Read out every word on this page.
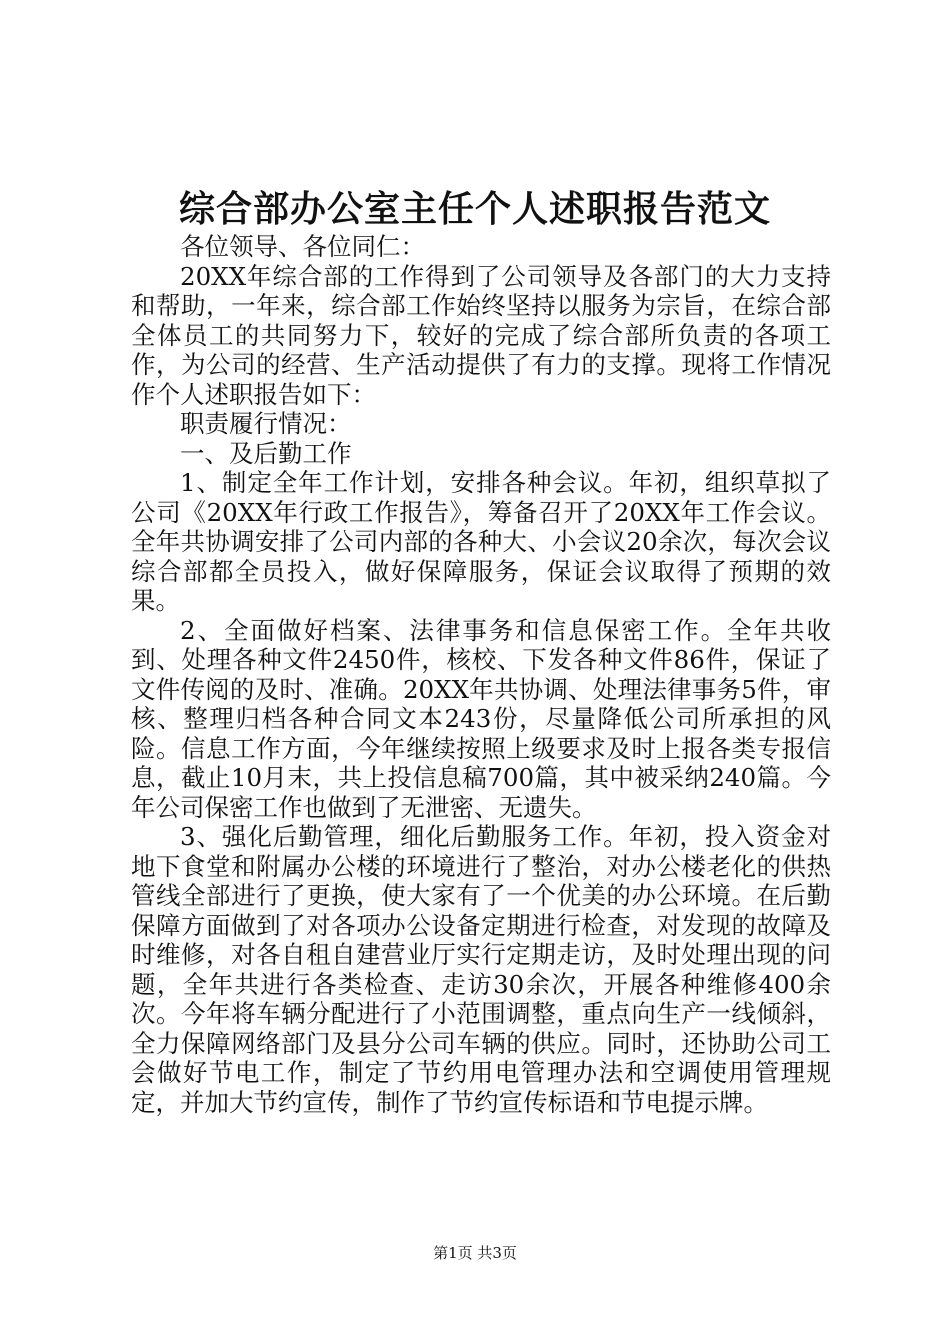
综合部办公室主任个人述职报告范文

各位领导、各位同仁：

20XX年综合部的工作得到了公司领导及各部门的大力支持和帮助，一年来，综合部工作始终坚持以服务为宗旨，在综合部全体员工的共同努力下，较好的完成了综合部所负责的各项工作，为公司的经营、生产活动提供了有力的支撑。现将工作情况作个人述职报告如下：

职责履行情况：

一、及后勤工作

1、制定全年工作计划，安排各种会议。年初，组织草拟了公司《20XX年行政工作报告》，筹备召开了20XX年工作会议。全年共协调安排了公司内部的各种大、小会议20余次，每次会议综合部都全员投入，做好保障服务，保证会议取得了预期的效果。

2、全面做好档案、法律事务和信息保密工作。全年共收到、处理各种文件2450件，核校、下发各种文件86件，保证了文件传阅的及时、准确。20XX年共协调、处理法律事务5件，审核、整理归档各种合同文本243份，尽量降低公司所承担的风险。信息工作方面，今年继续按照上级要求及时上报各类专报信息，截止10月末，共上投信息稿700篇，其中被采纳240篇。今年公司保密工作也做到了无泄密、无遗失。

3、强化后勤管理，细化后勤服务工作。年初，投入资金对地下食堂和附属办公楼的环境进行了整治，对办公楼老化的供热管线全部进行了更换，使大家有了一个优美的办公环境。在后勤保障方面做到了对各项办公设备定期进行检查，对发现的故障及时维修，对各自租自建营业厅实行定期走访，及时处理出现的问题，全年共进行各类检查、走访30余次，开展各种维修400余次。今年将车辆分配进行了小范围调整，重点向生产一线倾斜，全力保障网络部门及县分公司车辆的供应。同时，还协助公司工会做好节电工作，制定了节约用电管理办法和空调使用管理规定，并加大节约宣传，制作了节约宣传标语和节电提示牌。

第1页 共3页
